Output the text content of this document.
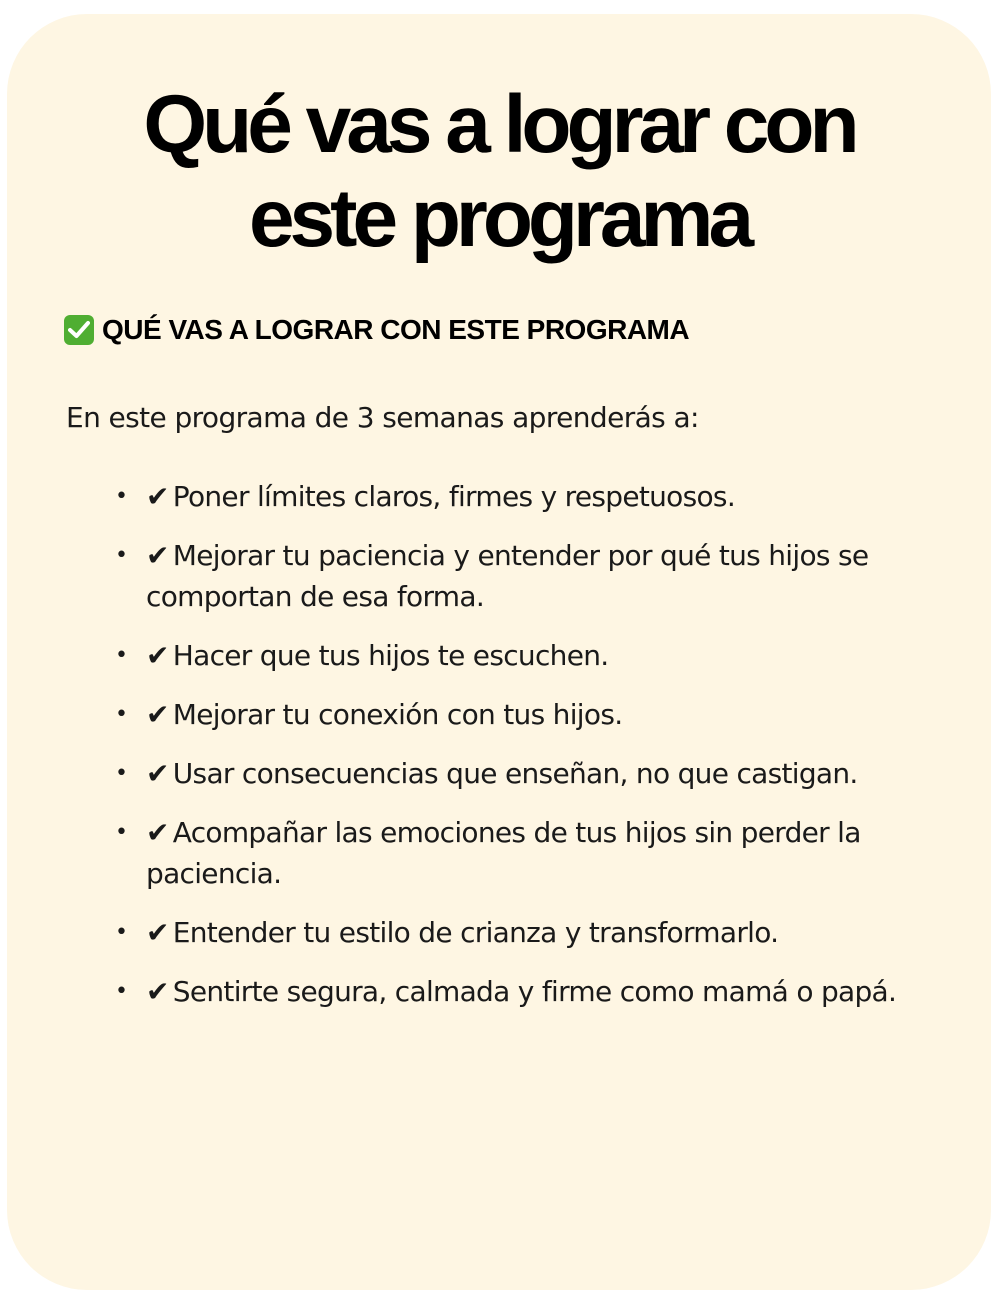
Qué vas a lograr con
este programa
QUÉ VAS A LOGRAR CON ESTE PROGRAMA

En este programa de 3 semanas aprenderás a:

• ✔ Poner límites claros, firmes y respetuosos.
• ✔ Mejorar tu paciencia y entender por qué tus hijos se comportan de esa forma.
• ✔ Hacer que tus hijos te escuchen.
• ✔ Mejorar tu conexión con tus hijos.
• ✔ Usar consecuencias que enseñan, no que castigan.
• ✔ Acompañar las emociones de tus hijos sin perder la paciencia.
• ✔ Entender tu estilo de crianza y transformarlo.
• ✔ Sentirte segura, calmada y firme como mamá o papá.
